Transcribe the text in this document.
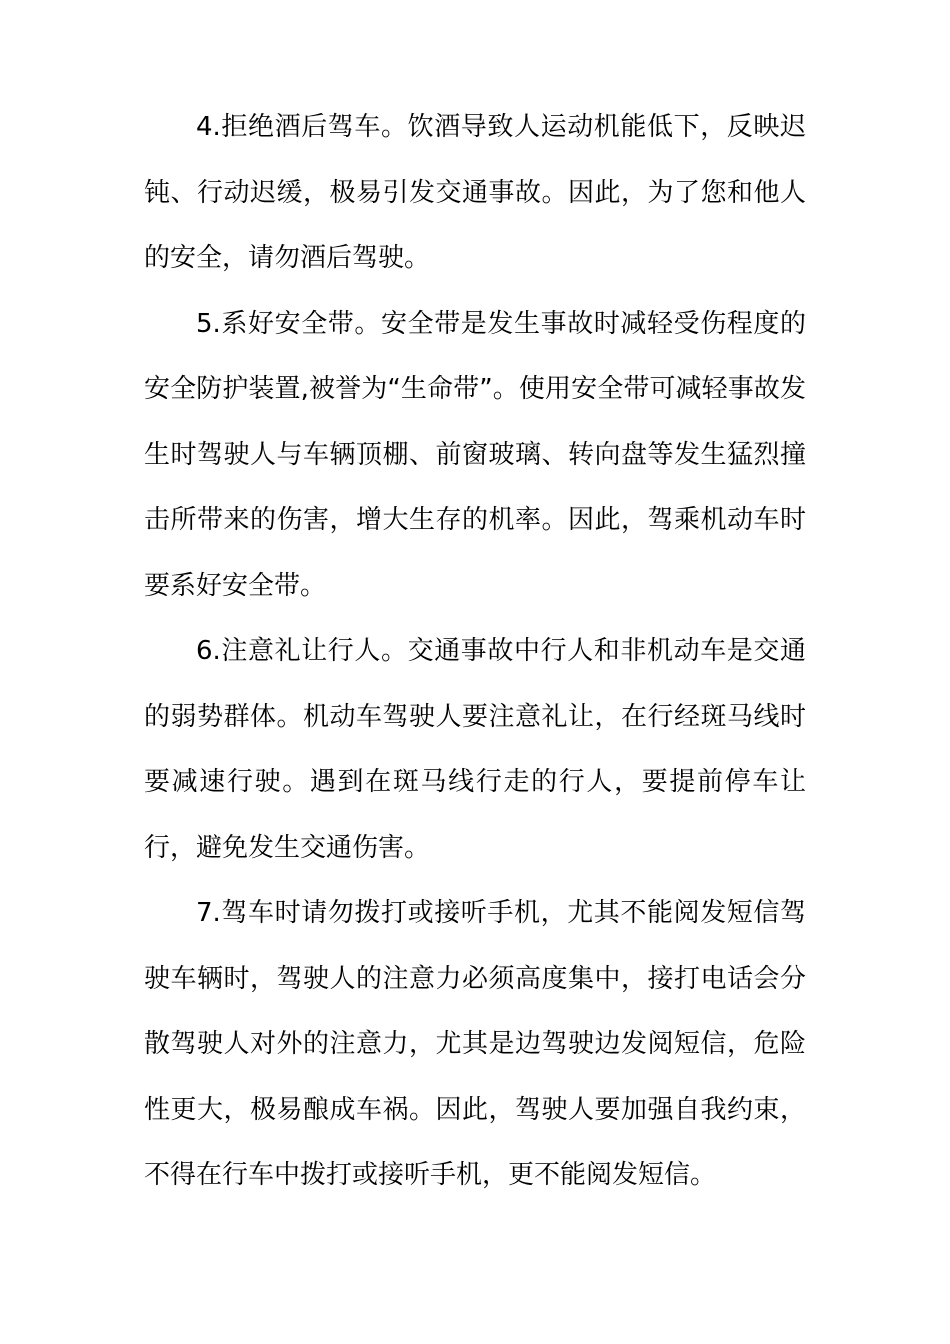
4.拒绝酒后驾车。饮酒导致人运动机能低下，反映迟钝、行动迟缓，极易引发交通事故。因此，为了您和他人的安全，请勿酒后驾驶。

5.系好安全带。安全带是发生事故时减轻受伤程度的安全防护装置,被誉为“生命带”。使用安全带可减轻事故发生时驾驶人与车辆顶棚、前窗玻璃、转向盘等发生猛烈撞击所带来的伤害，增大生存的机率。因此，驾乘机动车时要系好安全带。

6.注意礼让行人。交通事故中行人和非机动车是交通的弱势群体。机动车驾驶人要注意礼让，在行经斑马线时要减速行驶。遇到在斑马线行走的行人，要提前停车让行，避免发生交通伤害。

7.驾车时请勿拨打或接听手机，尤其不能阅发短信驾驶车辆时，驾驶人的注意力必须高度集中，接打电话会分散驾驶人对外的注意力，尤其是边驾驶边发阅短信，危险性更大，极易酿成车祸。因此，驾驶人要加强自我约束，不得在行车中拨打或接听手机，更不能阅发短信。
